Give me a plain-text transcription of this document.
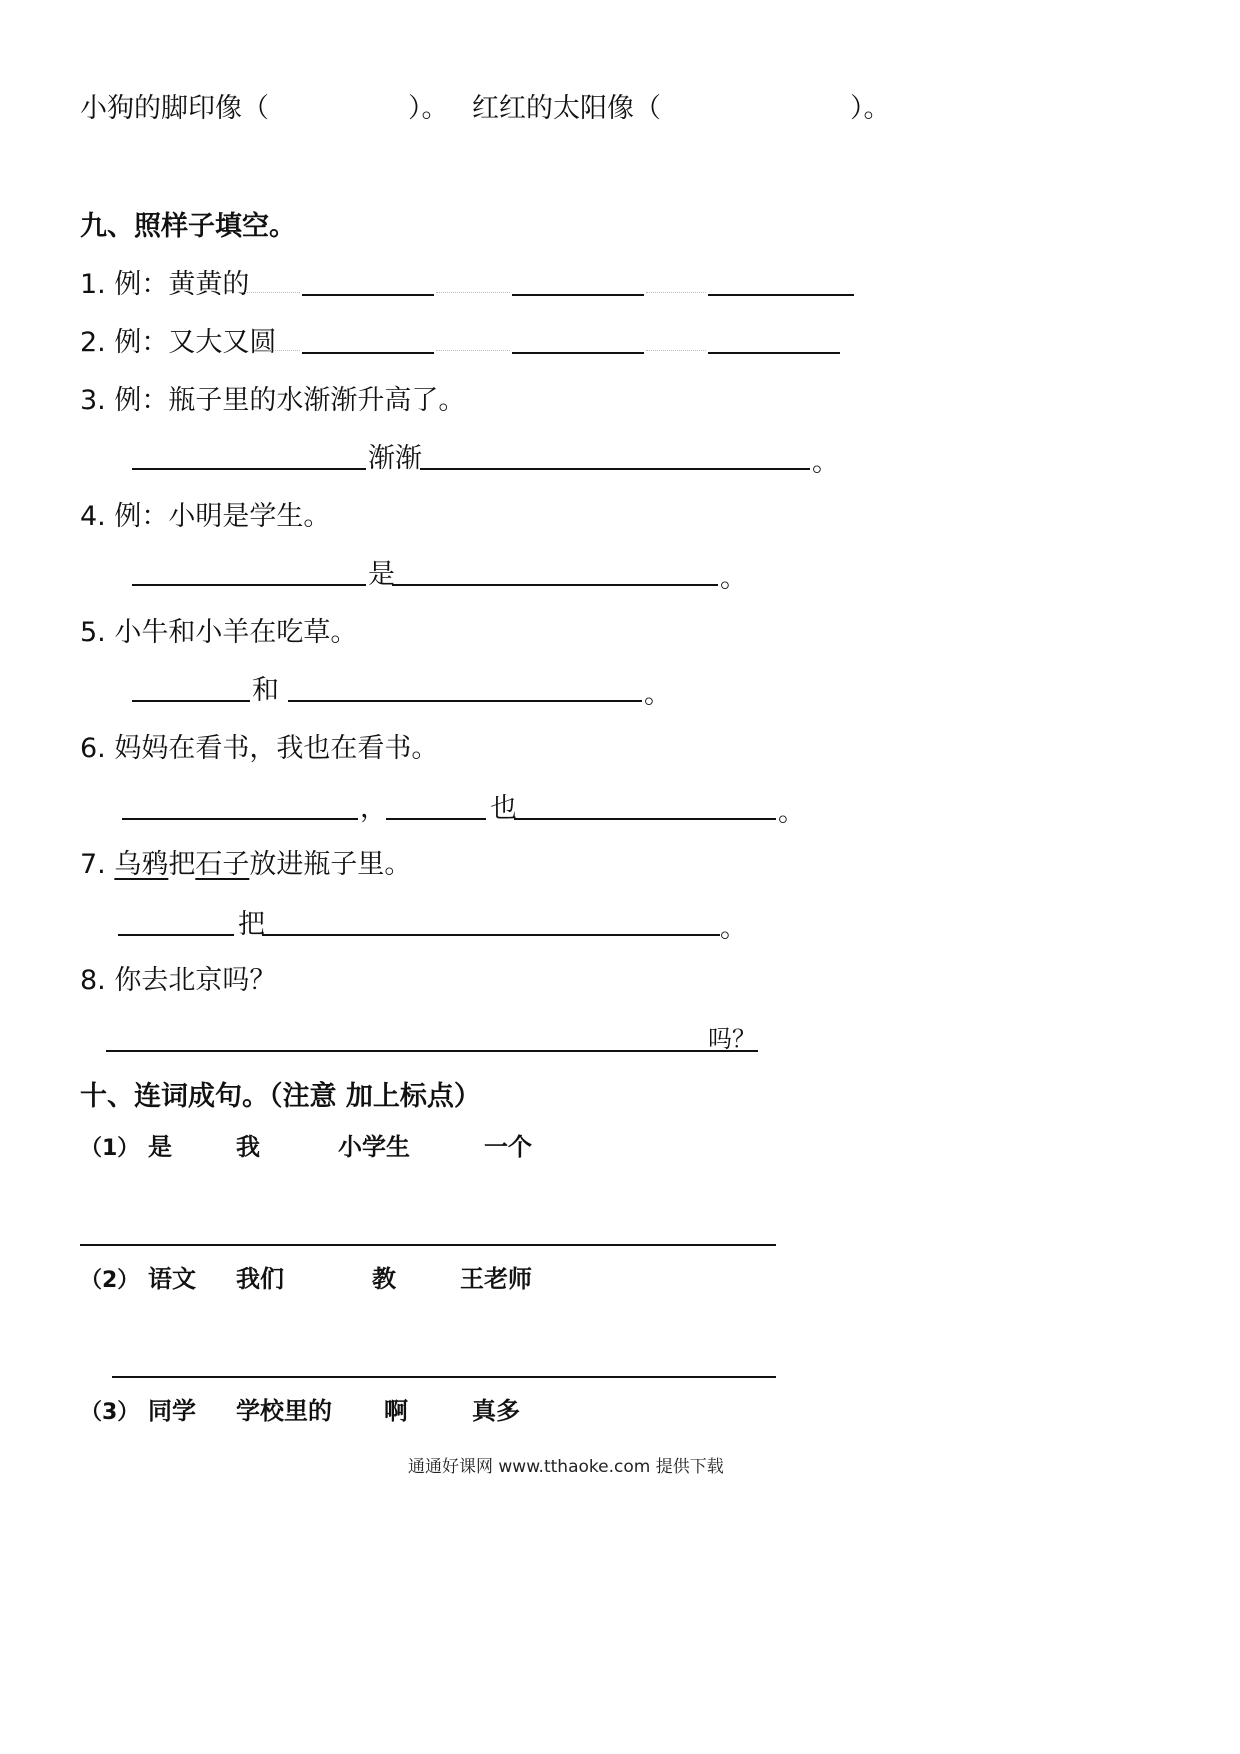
小狗的脚印像（	）。 红红的太阳像（	）。
九、照样子填空。
1. 例：黄黄的
2. 例：又大又圆
3. 例：瓶子里的水渐渐升高了。
渐渐	。
4. 例：小明是学生。
是	。
5. 小牛和小羊在吃草。
和	。
6. 妈妈在看书，我也在看书。
，	也	。
7. 乌鸦把石子放进瓶子里。
把	。
8. 你去北京吗？
吗？
十、连词成句。（注意 加上标点）
（1） 是	我	小学生	一个
（2） 语文 我们	教	王老师
（3） 同学 学校里的 啊	真多
通通好课网 www.tthaoke.com 提供下载
